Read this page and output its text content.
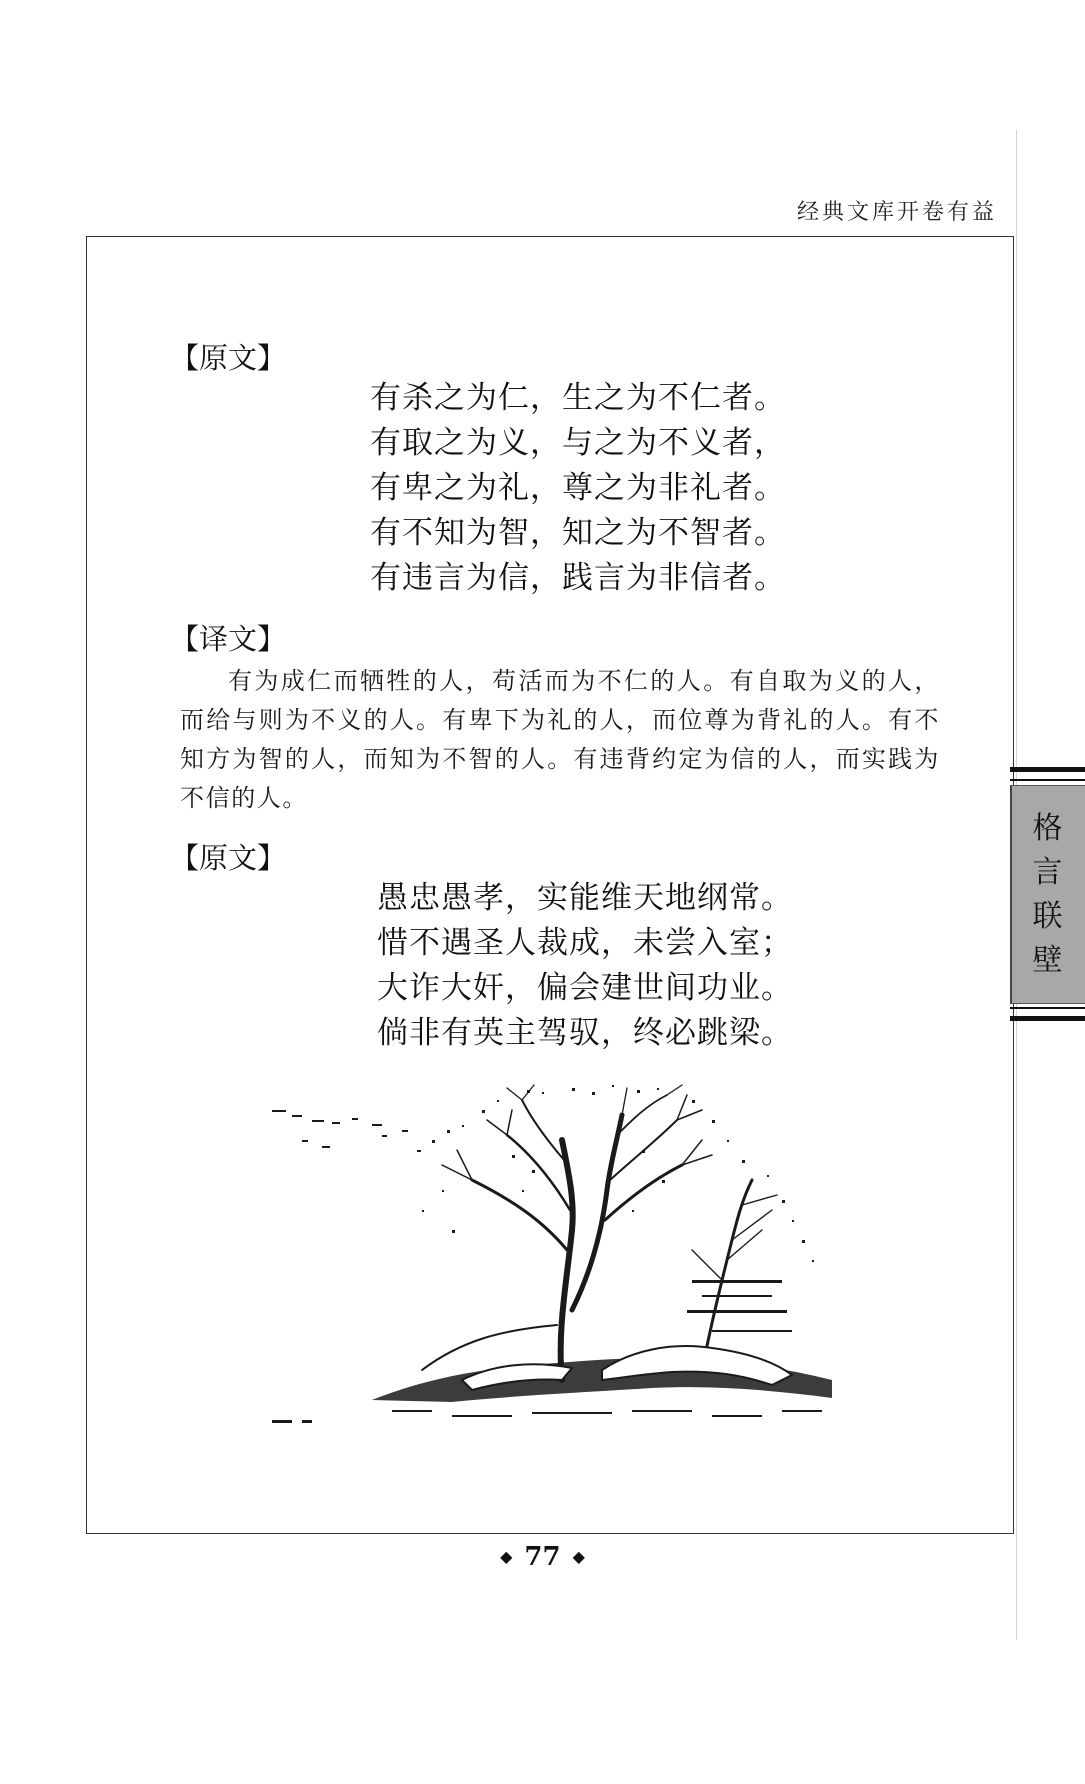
经典文库开卷有益
【原文】
有杀之为仁，生之为不仁者。
有取之为义，与之为不义者，
有卑之为礼，尊之为非礼者。
有不知为智，知之为不智者。
有违言为信，践言为非信者。
【译文】
有为成仁而牺牲的人，苟活而为不仁的人。有自取为义的人，而给与则为不义的人。有卑下为礼的人，而位尊为背礼的人。有不知方为智的人，而知为不智的人。有违背约定为信的人，而实践为不信的人。
【原文】
愚忠愚孝，实能维天地纲常。
惜不遇圣人裁成，未尝入室；
大诈大奸，偏会建世间功业。
倘非有英主驾驭，终必跳梁。
格
言
联
壁
◆ 77 ◆
